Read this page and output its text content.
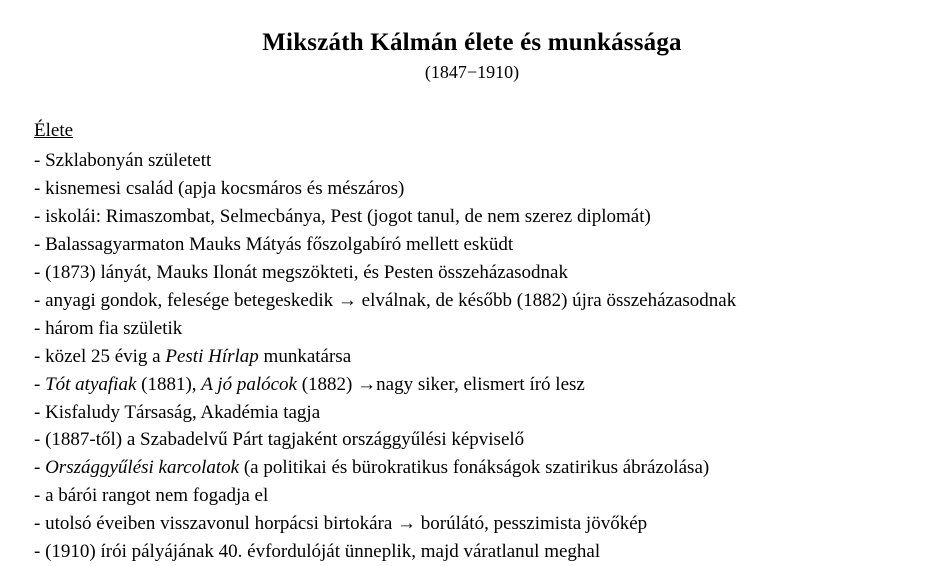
Mikszáth Kálmán élete és munkássága
(1847−1910)
Élete
- Szklabonyán született
- kisnemesi család (apja kocsmáros és mészáros)
- iskolái: Rimaszombat, Selmecbánya, Pest (jogot tanul, de nem szerez diplomát)
- Balassagyarmaton Mauks Mátyás főszolgabíró mellett esküdt
- (1873) lányát, Mauks Ilonát megszökteti, és Pesten összeházasodnak
- anyagi gondok, felesége betegeskedik → elválnak, de később (1882) újra összeházasodnak
- három fia születik
- közel 25 évig a Pesti Hírlap munkatársa
- Tót atyafiak (1881), A jó palócok (1882) →nagy siker, elismert író lesz
- Kisfaludy Társaság, Akadémia tagja
- (1887-től) a Szabadelvű Párt tagjaként országgyűlési képviselő
- Országgyűlési karcolatok (a politikai és bürokratikus fonákságok szatirikus ábrázolása)
- a bárói rangot nem fogadja el
- utolsó éveiben visszavonul horpácsi birtokára → borúlátó, pesszimista jövőkép
- (1910) írói pályájának 40. évfordulóját ünneplik, majd váratlanul meghal
